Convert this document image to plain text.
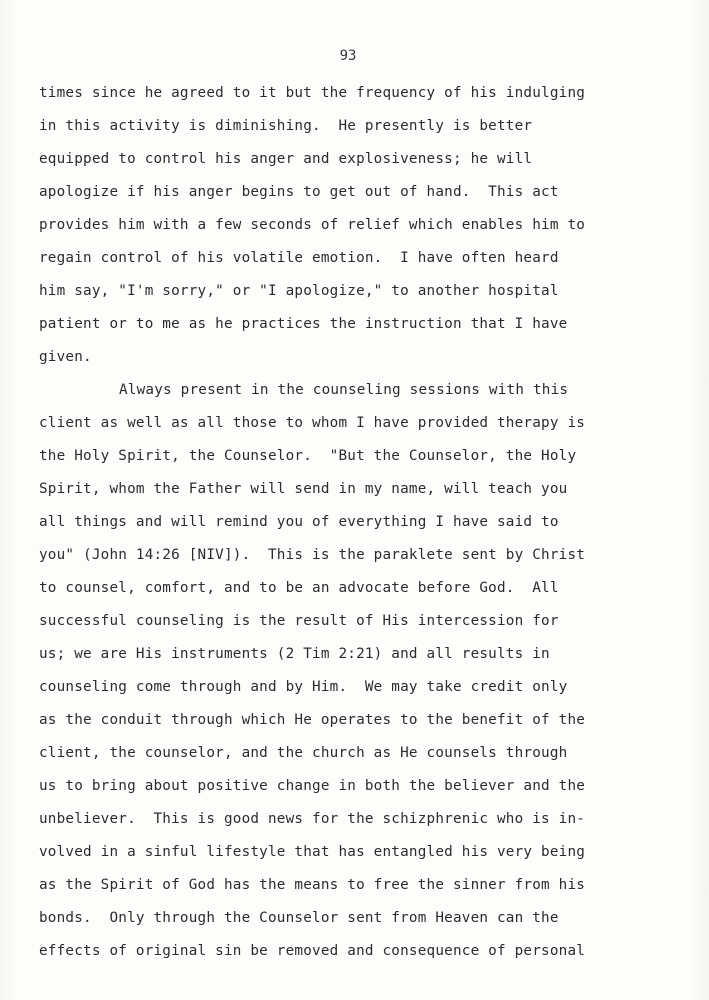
93
times since he agreed to it but the frequency of his indulging
in this activity is diminishing.  He presently is better
equipped to control his anger and explosiveness; he will
apologize if his anger begins to get out of hand.  This act
provides him with a few seconds of relief which enables him to
regain control of his volatile emotion.  I have often heard
him say, "I'm sorry," or "I apologize," to another hospital
patient or to me as he practices the instruction that I have
given.
Always present in the counseling sessions with this
client as well as all those to whom I have provided therapy is
the Holy Spirit, the Counselor.  "But the Counselor, the Holy
Spirit, whom the Father will send in my name, will teach you
all things and will remind you of everything I have said to
you" (John 14:26 [NIV]).  This is the paraklete sent by Christ
to counsel, comfort, and to be an advocate before God.  All
successful counseling is the result of His intercession for
us; we are His instruments (2 Tim 2:21) and all results in
counseling come through and by Him.  We may take credit only
as the conduit through which He operates to the benefit of the
client, the counselor, and the church as He counsels through
us to bring about positive change in both the believer and the
unbeliever.  This is good news for the schizphrenic who is in-
volved in a sinful lifestyle that has entangled his very being
as the Spirit of God has the means to free the sinner from his
bonds.  Only through the Counselor sent from Heaven can the
effects of original sin be removed and consequence of personal
